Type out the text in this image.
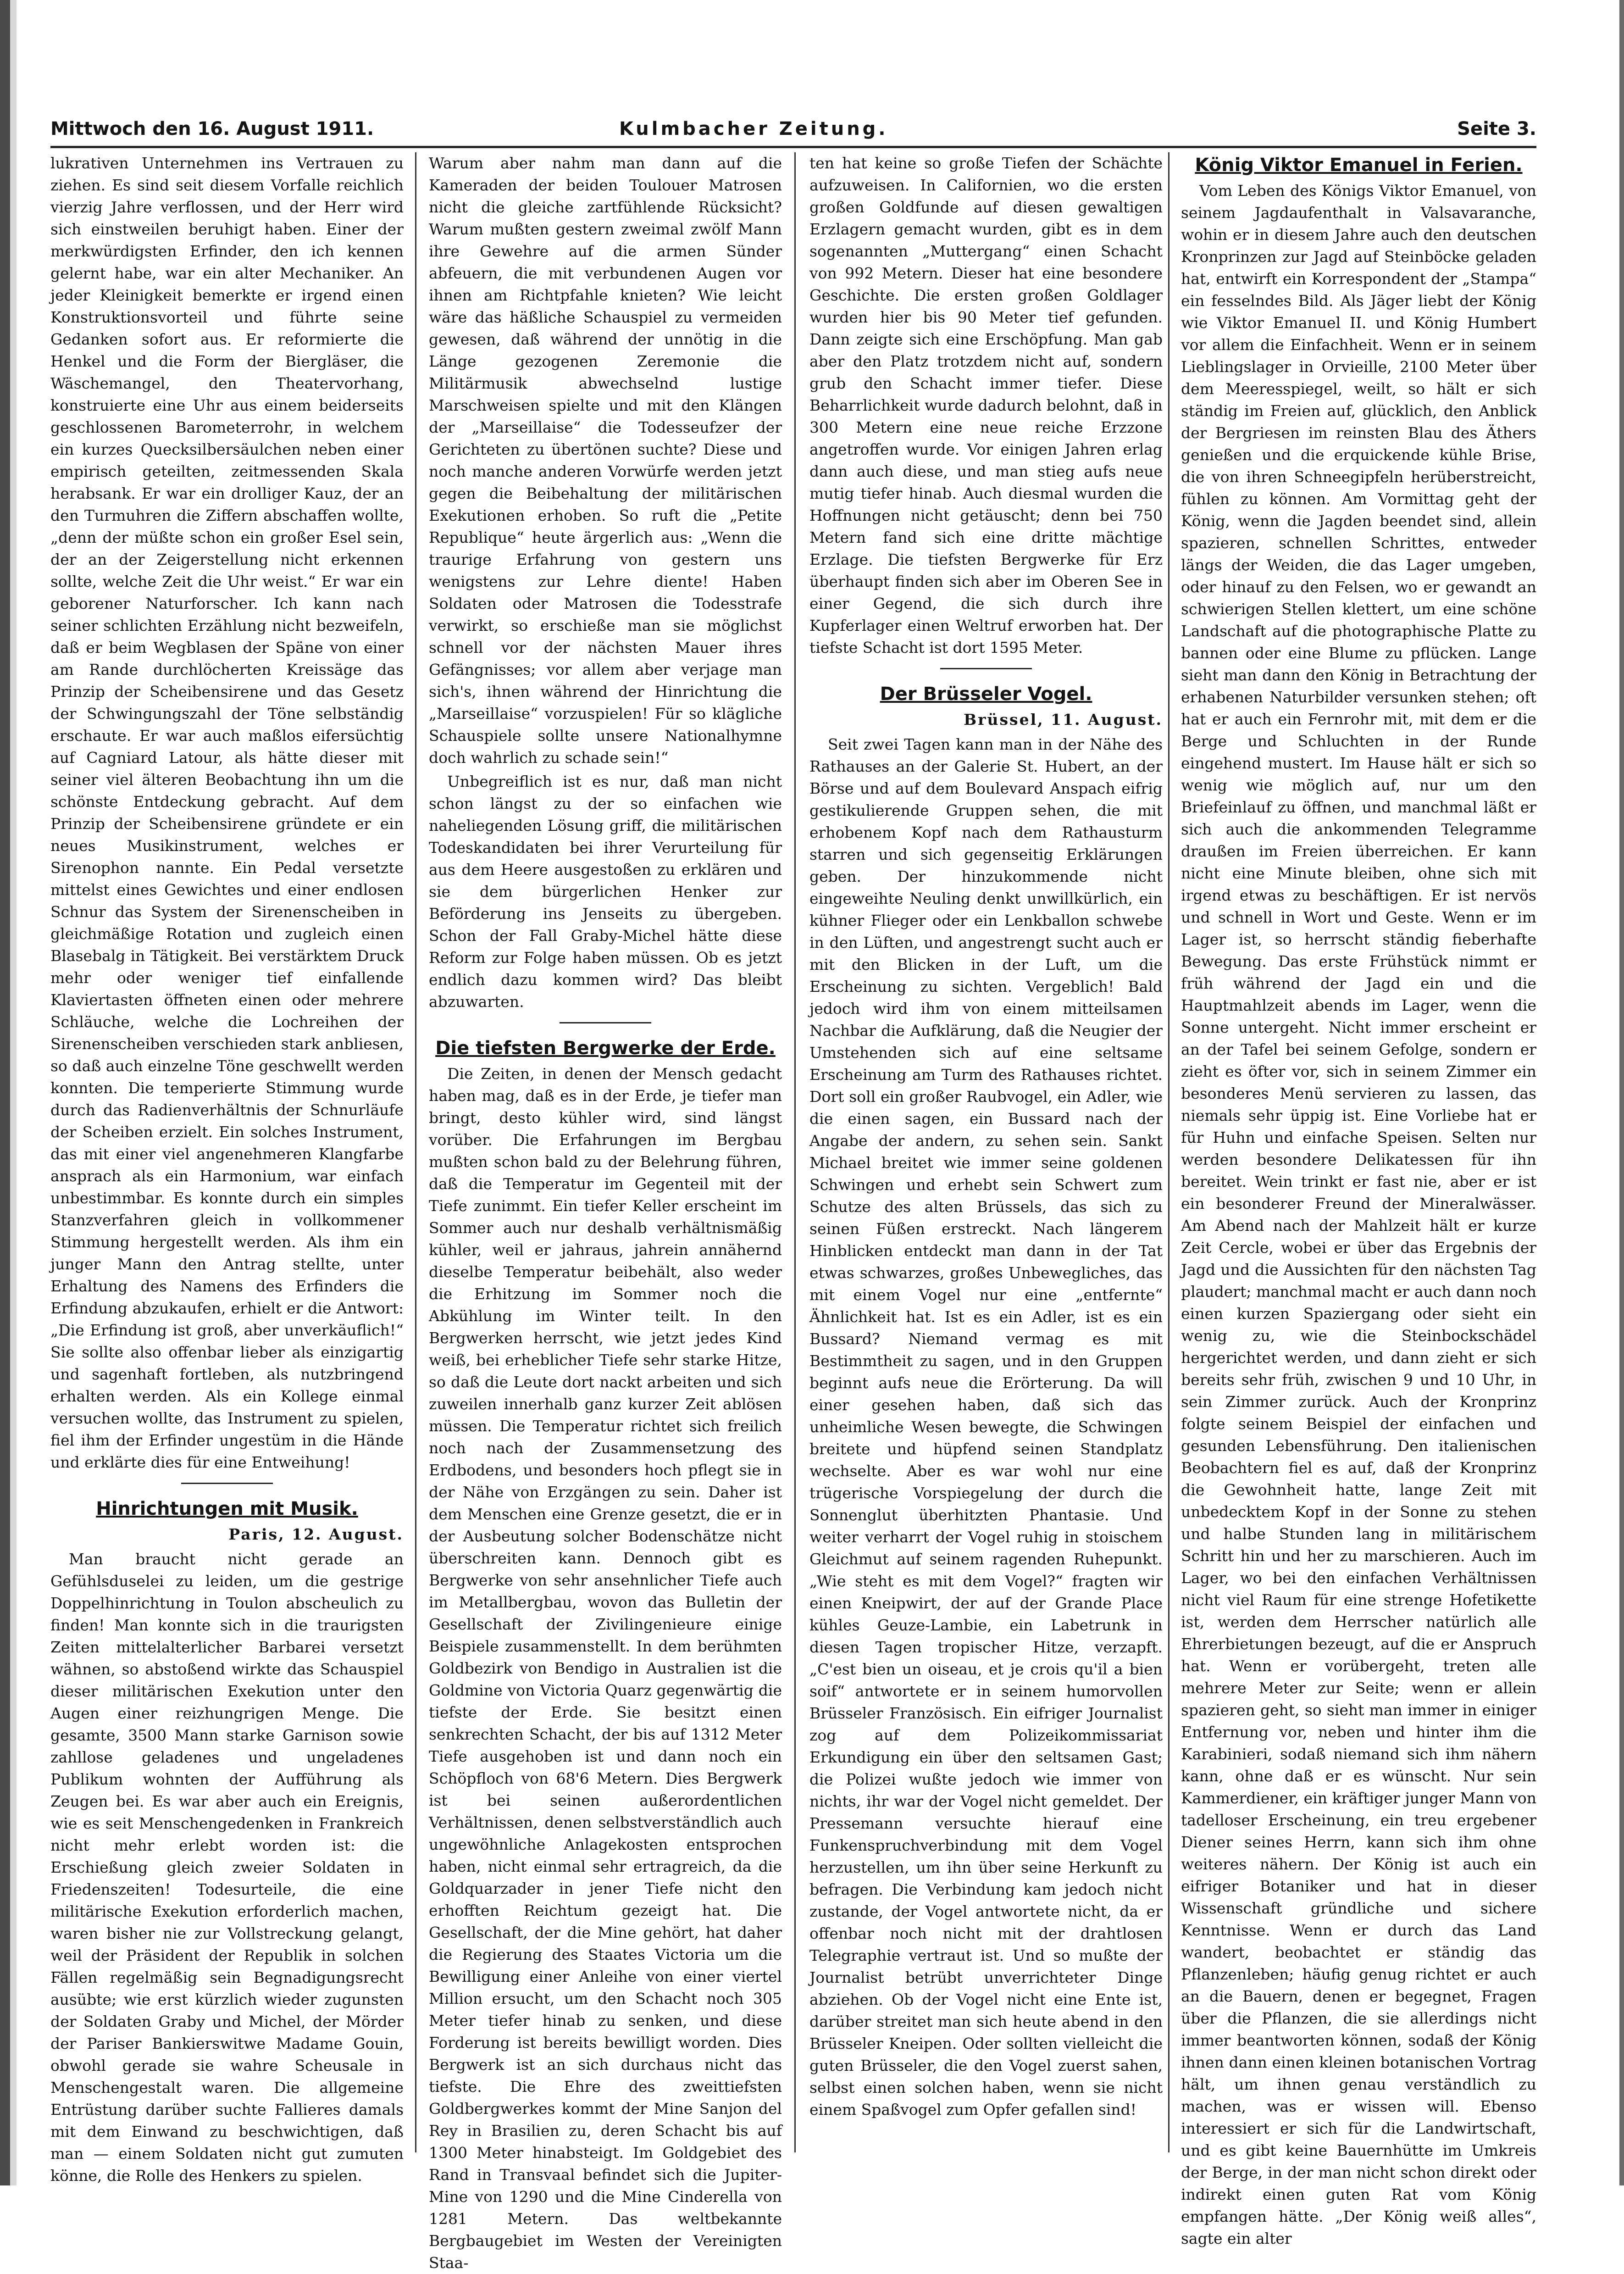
Mittwoch den 16. August 1911.	Kulmbacher Zeitung.	Seite 3.

lukrativen Unternehmen ins Vertrauen zu ziehen. Es sind seit diesem Vorfalle reichlich vierzig Jahre verflossen, und der Herr wird sich einstweilen beruhigt haben. Einer der merkwürdigsten Erfinder, den ich kennen gelernt habe, war ein alter Mechaniker. An jeder Kleinigkeit bemerkte er irgend einen Konstruktionsvorteil und führte seine Gedanken sofort aus. Er reformierte die Henkel und die Form der Biergläser, die Wäschemangel, den Theatervorhang, konstruierte eine Uhr aus einem beiderseits geschlossenen Barometerrohr, in welchem ein kurzes Quecksilbersäulchen neben einer empirisch geteilten, zeitmessenden Skala herabsank. Er war ein drolliger Kauz, der an den Turmuhren die Ziffern abschaffen wollte, „denn der müßte schon ein großer Esel sein, der an der Zeigerstellung nicht erkennen sollte, welche Zeit die Uhr weist.“ Er war ein geborener Naturforscher. Ich kann nach seiner schlichten Erzählung nicht bezweifeln, daß er beim Wegblasen der Späne von einer am Rande durchlöcherten Kreissäge das Prinzip der Scheibensirene und das Gesetz der Schwingungszahl der Töne selbständig erschaute. Er war auch maßlos eifersüchtig auf Cagniard Latour, als hätte dieser mit seiner viel älteren Beobachtung ihn um die schönste Entdeckung gebracht. Auf dem Prinzip der Scheibensirene gründete er ein neues Musikinstrument, welches er Sirenophon nannte. Ein Pedal versetzte mittelst eines Gewichtes und einer endlosen Schnur das System der Sirenenscheiben in gleichmäßige Rotation und zugleich einen Blasebalg in Tätigkeit. Bei verstärktem Druck mehr oder weniger tief einfallende Klaviertasten öffneten einen oder mehrere Schläuche, welche die Lochreihen der Sirenenscheiben verschieden stark anbliesen, so daß auch einzelne Töne geschwellt werden konnten. Die temperierte Stimmung wurde durch das Radienverhältnis der Schnurläufe der Scheiben erzielt. Ein solches Instrument, das mit einer viel angenehmeren Klangfarbe ansprach als ein Harmonium, war einfach unbestimmbar. Es konnte durch ein simples Stanzverfahren gleich in vollkommener Stimmung hergestellt werden. Als ihm ein junger Mann den Antrag stellte, unter Erhaltung des Namens des Erfinders die Erfindung abzukaufen, erhielt er die Antwort: „Die Erfindung ist groß, aber unverkäuflich!“ Sie sollte also offenbar lieber als einzigartig und sagenhaft fortleben, als nutzbringend erhalten werden. Als ein Kollege einmal versuchen wollte, das Instrument zu spielen, fiel ihm der Erfinder ungestüm in die Hände und erklärte dies für eine Entweihung!

Hinrichtungen mit Musik.
Paris, 12. August.

Man braucht nicht gerade an Gefühlsduselei zu leiden, um die gestrige Doppelhinrichtung in Toulon abscheulich zu finden! Man konnte sich in die traurigsten Zeiten mittelalterlicher Barbarei versetzt wähnen, so abstoßend wirkte das Schauspiel dieser militärischen Exekution unter den Augen einer reizhungrigen Menge. Die gesamte, 3500 Mann starke Garnison sowie zahllose geladenes und ungeladenes Publikum wohnten der Aufführung als Zeugen bei. Es war aber auch ein Ereignis, wie es seit Menschengedenken in Frankreich nicht mehr erlebt worden ist: die Erschießung gleich zweier Soldaten in Friedenszeiten! Todesurteile, die eine militärische Exekution erforderlich machen, waren bisher nie zur Vollstreckung gelangt, weil der Präsident der Republik in solchen Fällen regelmäßig sein Begnadigungsrecht ausübte; wie erst kürzlich wieder zugunsten der Soldaten Graby und Michel, der Mörder der Pariser Bankierswitwe Madame Gouin, obwohl gerade sie wahre Scheusale in Menschengestalt waren. Die allgemeine Entrüstung darüber suchte Fallieres damals mit dem Einwand zu beschwichtigen, daß man — einem Soldaten nicht gut zumuten könne, die Rolle des Henkers zu spielen.

Warum aber nahm man dann auf die Kameraden der beiden Toulouer Matrosen nicht die gleiche zartfühlende Rücksicht? Warum mußten gestern zweimal zwölf Mann ihre Gewehre auf die armen Sünder abfeuern, die mit verbundenen Augen vor ihnen am Richtpfahle knieten? Wie leicht wäre das häßliche Schauspiel zu vermeiden gewesen, daß während der unnötig in die Länge gezogenen Zeremonie die Militärmusik abwechselnd lustige Marschweisen spielte und mit den Klängen der „Marseillaise“ die Todesseufzer der Gerichteten zu übertönen suchte? Diese und noch manche anderen Vorwürfe werden jetzt gegen die Beibehaltung der militärischen Exekutionen erhoben. So ruft die „Petite Republique“ heute ärgerlich aus: „Wenn die traurige Erfahrung von gestern uns wenigstens zur Lehre diente! Haben Soldaten oder Matrosen die Todesstrafe verwirkt, so erschieße man sie möglichst schnell vor der nächsten Mauer ihres Gefängnisses; vor allem aber verjage man sich's, ihnen während der Hinrichtung die „Marseillaise“ vorzuspielen! Für so klägliche Schauspiele sollte unsere Nationalhymne doch wahrlich zu schade sein!“

Unbegreiflich ist es nur, daß man nicht schon längst zu der so einfachen wie naheliegenden Lösung griff, die militärischen Todeskandidaten bei ihrer Verurteilung für aus dem Heere ausgestoßen zu erklären und sie dem bürgerlichen Henker zur Beförderung ins Jenseits zu übergeben. Schon der Fall Graby-Michel hätte diese Reform zur Folge haben müssen. Ob es jetzt endlich dazu kommen wird? Das bleibt abzuwarten.

Die tiefsten Bergwerke der Erde.

Die Zeiten, in denen der Mensch gedacht haben mag, daß es in der Erde, je tiefer man bringt, desto kühler wird, sind längst vorüber. Die Erfahrungen im Bergbau mußten schon bald zu der Belehrung führen, daß die Temperatur im Gegenteil mit der Tiefe zunimmt. Ein tiefer Keller erscheint im Sommer auch nur deshalb verhältnismäßig kühler, weil er jahraus, jahrein annähernd dieselbe Temperatur beibehält, also weder die Erhitzung im Sommer noch die Abkühlung im Winter teilt. In den Bergwerken herrscht, wie jetzt jedes Kind weiß, bei erheblicher Tiefe sehr starke Hitze, so daß die Leute dort nackt arbeiten und sich zuweilen innerhalb ganz kurzer Zeit ablösen müssen. Die Temperatur richtet sich freilich noch nach der Zusammensetzung des Erdbodens, und besonders hoch pflegt sie in der Nähe von Erzgängen zu sein. Daher ist dem Menschen eine Grenze gesetzt, die er in der Ausbeutung solcher Bodenschätze nicht überschreiten kann. Dennoch gibt es Bergwerke von sehr ansehnlicher Tiefe auch im Metallbergbau, wovon das Bulletin der Gesellschaft der Zivilingenieure einige Beispiele zusammenstellt. In dem berühmten Goldbezirk von Bendigo in Australien ist die Goldmine von Victoria Quarz gegenwärtig die tiefste der Erde. Sie besitzt einen senkrechten Schacht, der bis auf 1312 Meter Tiefe ausgehoben ist und dann noch ein Schöpfloch von 68'6 Metern. Dies Bergwerk ist bei seinen außerordentlichen Verhältnissen, denen selbstverständlich auch ungewöhnliche Anlagekosten entsprochen haben, nicht einmal sehr ertragreich, da die Goldquarzader in jener Tiefe nicht den erhofften Reichtum gezeigt hat. Die Gesellschaft, der die Mine gehört, hat daher die Regierung des Staates Victoria um die Bewilligung einer Anleihe von einer viertel Million ersucht, um den Schacht noch 305 Meter tiefer hinab zu senken, und diese Forderung ist bereits bewilligt worden. Dies Bergwerk ist an sich durchaus nicht das tiefste. Die Ehre des zweittiefsten Goldbergwerkes kommt der Mine Sanjon del Rey in Brasilien zu, deren Schacht bis auf 1300 Meter hinabsteigt. Im Goldgebiet des Rand in Transvaal befindet sich die Jupiter-Mine von 1290 und die Mine Cinderella von 1281 Metern. Das weltbekannte Bergbaugebiet im Westen der Vereinigten Staa-

ten hat keine so große Tiefen der Schächte aufzuweisen. In Californien, wo die ersten großen Goldfunde auf diesen gewaltigen Erzlagern gemacht wurden, gibt es in dem sogenannten „Muttergang“ einen Schacht von 992 Metern. Dieser hat eine besondere Geschichte. Die ersten großen Goldlager wurden hier bis 90 Meter tief gefunden. Dann zeigte sich eine Erschöpfung. Man gab aber den Platz trotzdem nicht auf, sondern grub den Schacht immer tiefer. Diese Beharrlichkeit wurde dadurch belohnt, daß in 300 Metern eine neue reiche Erzzone angetroffen wurde. Vor einigen Jahren erlag dann auch diese, und man stieg aufs neue mutig tiefer hinab. Auch diesmal wurden die Hoffnungen nicht getäuscht; denn bei 750 Metern fand sich eine dritte mächtige Erzlage. Die tiefsten Bergwerke für Erz überhaupt finden sich aber im Oberen See in einer Gegend, die sich durch ihre Kupferlager einen Weltruf erworben hat. Der tiefste Schacht ist dort 1595 Meter.

Der Brüsseler Vogel.
Brüssel, 11. August.

Seit zwei Tagen kann man in der Nähe des Rathauses an der Galerie St. Hubert, an der Börse und auf dem Boulevard Anspach eifrig gestikulierende Gruppen sehen, die mit erhobenem Kopf nach dem Rathausturm starren und sich gegenseitig Erklärungen geben. Der hinzukommende nicht eingeweihte Neuling denkt unwillkürlich, ein kühner Flieger oder ein Lenkballon schwebe in den Lüften, und angestrengt sucht auch er mit den Blicken in der Luft, um die Erscheinung zu sichten. Vergeblich! Bald jedoch wird ihm von einem mitteilsamen Nachbar die Aufklärung, daß die Neugier der Umstehenden sich auf eine seltsame Erscheinung am Turm des Rathauses richtet. Dort soll ein großer Raubvogel, ein Adler, wie die einen sagen, ein Bussard nach der Angabe der andern, zu sehen sein. Sankt Michael breitet wie immer seine goldenen Schwingen und erhebt sein Schwert zum Schutze des alten Brüssels, das sich zu seinen Füßen erstreckt. Nach längerem Hinblicken entdeckt man dann in der Tat etwas schwarzes, großes Unbewegliches, das mit einem Vogel nur eine „entfernte“ Ähnlichkeit hat. Ist es ein Adler, ist es ein Bussard? Niemand vermag es mit Bestimmtheit zu sagen, und in den Gruppen beginnt aufs neue die Erörterung. Da will einer gesehen haben, daß sich das unheimliche Wesen bewegte, die Schwingen breitete und hüpfend seinen Standplatz wechselte. Aber es war wohl nur eine trügerische Vorspiegelung der durch die Sonnenglut überhitzten Phantasie. Und weiter verharrt der Vogel ruhig in stoischem Gleichmut auf seinem ragenden Ruhepunkt. „Wie steht es mit dem Vogel?“ fragten wir einen Kneipwirt, der auf der Grande Place kühles Geuze-Lambie, ein Labetrunk in diesen Tagen tropischer Hitze, verzapft. „C'est bien un oiseau, et je crois qu'il a bien soif“ antwortete er in seinem humorvollen Brüsseler Französisch. Ein eifriger Journalist zog auf dem Polizeikommissariat Erkundigung ein über den seltsamen Gast; die Polizei wußte jedoch wie immer von nichts, ihr war der Vogel nicht gemeldet. Der Pressemann versuchte hierauf eine Funkenspruchverbindung mit dem Vogel herzustellen, um ihn über seine Herkunft zu befragen. Die Verbindung kam jedoch nicht zustande, der Vogel antwortete nicht, da er offenbar noch nicht mit der drahtlosen Telegraphie vertraut ist. Und so mußte der Journalist betrübt unverrichteter Dinge abziehen. Ob der Vogel nicht eine Ente ist, darüber streitet man sich heute abend in den Brüsseler Kneipen. Oder sollten vielleicht die guten Brüsseler, die den Vogel zuerst sahen, selbst einen solchen haben, wenn sie nicht einem Spaßvogel zum Opfer gefallen sind!

König Viktor Emanuel in Ferien.

Vom Leben des Königs Viktor Emanuel, von seinem Jagdaufenthalt in Valsavaranche, wohin er in diesem Jahre auch den deutschen Kronprinzen zur Jagd auf Steinböcke geladen hat, entwirft ein Korrespondent der „Stampa“ ein fesselndes Bild. Als Jäger liebt der König wie Viktor Emanuel II. und König Humbert vor allem die Einfachheit. Wenn er in seinem Lieblingslager in Orvieille, 2100 Meter über dem Meeresspiegel, weilt, so hält er sich ständig im Freien auf, glücklich, den Anblick der Bergriesen im reinsten Blau des Äthers genießen und die erquickende kühle Brise, die von ihren Schneegipfeln herüberstreicht, fühlen zu können. Am Vormittag geht der König, wenn die Jagden beendet sind, allein spazieren, schnellen Schrittes, entweder längs der Weiden, die das Lager umgeben, oder hinauf zu den Felsen, wo er gewandt an schwierigen Stellen klettert, um eine schöne Landschaft auf die photographische Platte zu bannen oder eine Blume zu pflücken. Lange sieht man dann den König in Betrachtung der erhabenen Naturbilder versunken stehen; oft hat er auch ein Fernrohr mit, mit dem er die Berge und Schluchten in der Runde eingehend mustert. Im Hause hält er sich so wenig wie möglich auf, nur um den Briefeinlauf zu öffnen, und manchmal läßt er sich auch die ankommenden Telegramme draußen im Freien überreichen. Er kann nicht eine Minute bleiben, ohne sich mit irgend etwas zu beschäftigen. Er ist nervös und schnell in Wort und Geste. Wenn er im Lager ist, so herrscht ständig fieberhafte Bewegung. Das erste Frühstück nimmt er früh während der Jagd ein und die Hauptmahlzeit abends im Lager, wenn die Sonne untergeht. Nicht immer erscheint er an der Tafel bei seinem Gefolge, sondern er zieht es öfter vor, sich in seinem Zimmer ein besonderes Menü servieren zu lassen, das niemals sehr üppig ist. Eine Vorliebe hat er für Huhn und einfache Speisen. Selten nur werden besondere Delikatessen für ihn bereitet. Wein trinkt er fast nie, aber er ist ein besonderer Freund der Mineralwässer. Am Abend nach der Mahlzeit hält er kurze Zeit Cercle, wobei er über das Ergebnis der Jagd und die Aussichten für den nächsten Tag plaudert; manchmal macht er auch dann noch einen kurzen Spaziergang oder sieht ein wenig zu, wie die Steinbockschädel hergerichtet werden, und dann zieht er sich bereits sehr früh, zwischen 9 und 10 Uhr, in sein Zimmer zurück. Auch der Kronprinz folgte seinem Beispiel der einfachen und gesunden Lebensführung. Den italienischen Beobachtern fiel es auf, daß der Kronprinz die Gewohnheit hatte, lange Zeit mit unbedecktem Kopf in der Sonne zu stehen und halbe Stunden lang in militärischem Schritt hin und her zu marschieren. Auch im Lager, wo bei den einfachen Verhältnissen nicht viel Raum für eine strenge Hofetikette ist, werden dem Herrscher natürlich alle Ehrerbietungen bezeugt, auf die er Anspruch hat. Wenn er vorübergeht, treten alle mehrere Meter zur Seite; wenn er allein spazieren geht, so sieht man immer in einiger Entfernung vor, neben und hinter ihm die Karabinieri, sodaß niemand sich ihm nähern kann, ohne daß er es wünscht. Nur sein Kammerdiener, ein kräftiger junger Mann von tadelloser Erscheinung, ein treu ergebener Diener seines Herrn, kann sich ihm ohne weiteres nähern. Der König ist auch ein eifriger Botaniker und hat in dieser Wissenschaft gründliche und sichere Kenntnisse. Wenn er durch das Land wandert, beobachtet er ständig das Pflanzenleben; häufig genug richtet er auch an die Bauern, denen er begegnet, Fragen über die Pflanzen, die sie allerdings nicht immer beantworten können, sodaß der König ihnen dann einen kleinen botanischen Vortrag hält, um ihnen genau verständlich zu machen, was er wissen will. Ebenso interessiert er sich für die Landwirtschaft, und es gibt keine Bauernhütte im Umkreis der Berge, in der man nicht schon direkt oder indirekt einen guten Rat vom König empfangen hätte. „Der König weiß alles“, sagte ein alter
